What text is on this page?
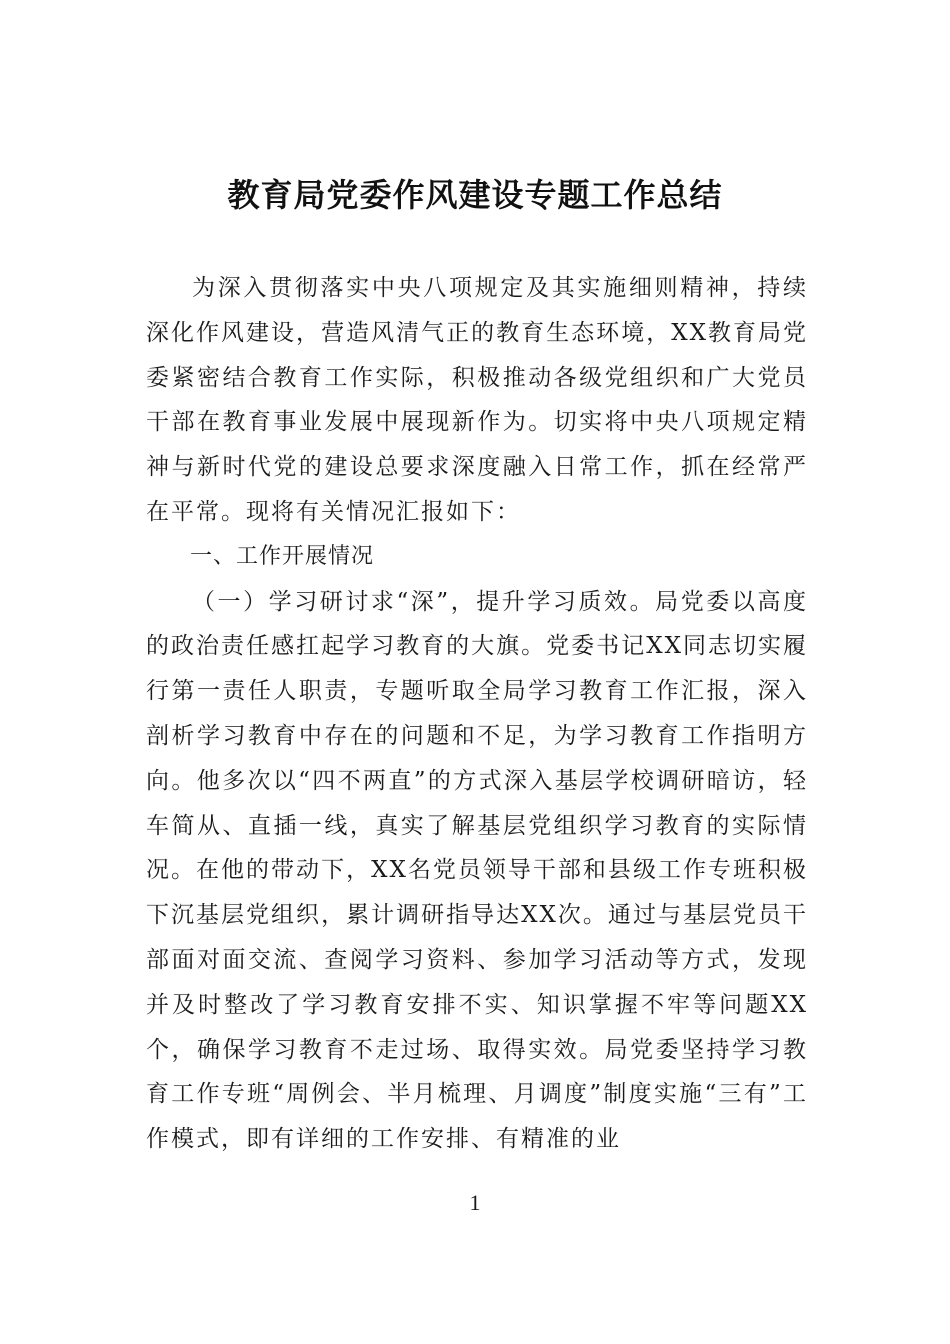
教育局党委作风建设专题工作总结

为深入贯彻落实中央八项规定及其实施细则精神，持续深化作风建设，营造风清气正的教育生态环境，XX教育局党委紧密结合教育工作实际，积极推动各级党组织和广大党员干部在教育事业发展中展现新作为。切实将中央八项规定精神与新时代党的建设总要求深度融入日常工作，抓在经常严在平常。现将有关情况汇报如下：

一、工作开展情况

（一）学习研讨求“深”，提升学习质效。局党委以高度的政治责任感扛起学习教育的大旗。党委书记XX同志切实履行第一责任人职责，专题听取全局学习教育工作汇报，深入剖析学习教育中存在的问题和不足，为学习教育工作指明方向。他多次以“四不两直”的方式深入基层学校调研暗访，轻车简从、直插一线，真实了解基层党组织学习教育的实际情况。在他的带动下，XX名党员领导干部和县级工作专班积极下沉基层党组织，累计调研指导达XX次。通过与基层党员干部面对面交流、查阅学习资料、参加学习活动等方式，发现并及时整改了学习教育安排不实、知识掌握不牢等问题XX个，确保学习教育不走过场、取得实效。局党委坚持学习教育工作专班“周例会、半月梳理、月调度”制度实施“三有”工作模式，即有详细的工作安排、有精准的业

1
